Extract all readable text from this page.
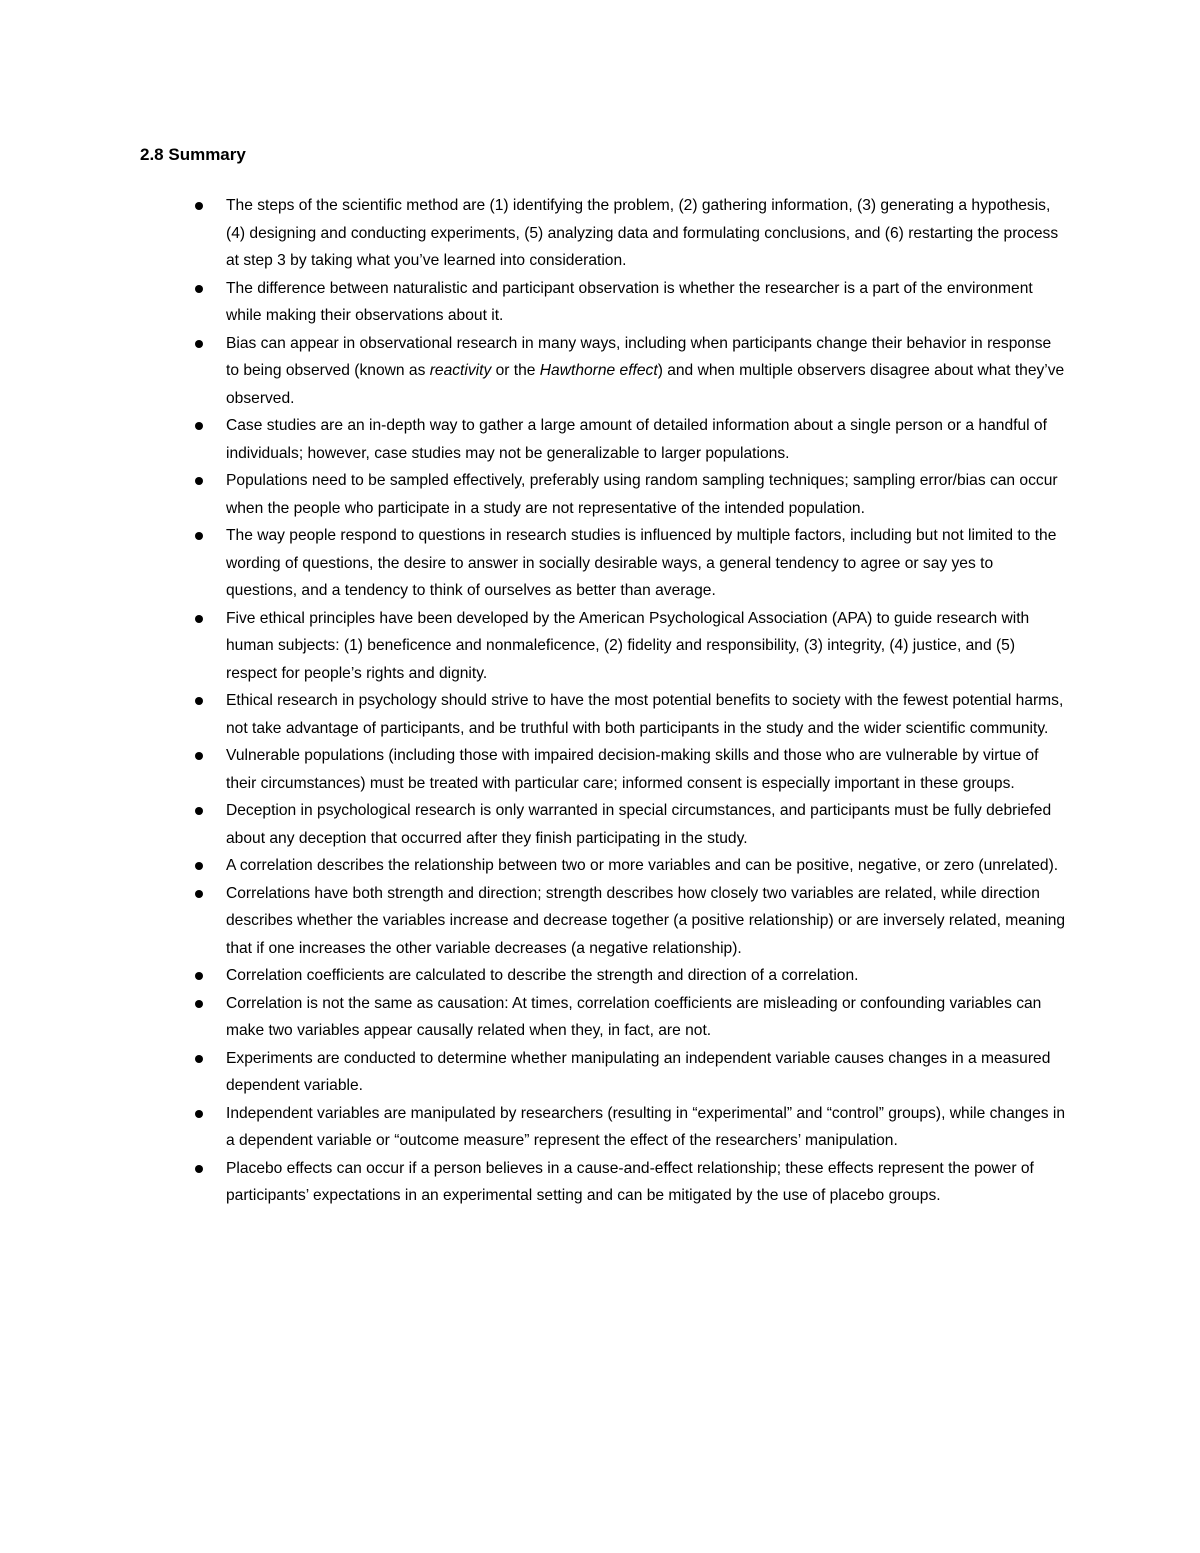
2.8 Summary
The steps of the scientific method are (1) identifying the problem, (2) gathering information, (3) generating a hypothesis, (4) designing and conducting experiments, (5) analyzing data and formulating conclusions, and (6) restarting the process at step 3 by taking what you’ve learned into consideration.
The difference between naturalistic and participant observation is whether the researcher is a part of the environment while making their observations about it.
Bias can appear in observational research in many ways, including when participants change their behavior in response to being observed (known as reactivity or the Hawthorne effect) and when multiple observers disagree about what they’ve observed.
Case studies are an in-depth way to gather a large amount of detailed information about a single person or a handful of individuals; however, case studies may not be generalizable to larger populations.
Populations need to be sampled effectively, preferably using random sampling techniques; sampling error/bias can occur when the people who participate in a study are not representative of the intended population.
The way people respond to questions in research studies is influenced by multiple factors, including but not limited to the wording of questions, the desire to answer in socially desirable ways, a general tendency to agree or say yes to questions, and a tendency to think of ourselves as better than average.
Five ethical principles have been developed by the American Psychological Association (APA) to guide research with human subjects: (1) beneficence and nonmaleficence, (2) fidelity and responsibility, (3) integrity, (4) justice, and (5) respect for people’s rights and dignity.
Ethical research in psychology should strive to have the most potential benefits to society with the fewest potential harms, not take advantage of participants, and be truthful with both participants in the study and the wider scientific community.
Vulnerable populations (including those with impaired decision-making skills and those who are vulnerable by virtue of their circumstances) must be treated with particular care; informed consent is especially important in these groups.
Deception in psychological research is only warranted in special circumstances, and participants must be fully debriefed about any deception that occurred after they finish participating in the study.
A correlation describes the relationship between two or more variables and can be positive, negative, or zero (unrelated).
Correlations have both strength and direction; strength describes how closely two variables are related, while direction describes whether the variables increase and decrease together (a positive relationship) or are inversely related, meaning that if one increases the other variable decreases (a negative relationship).
Correlation coefficients are calculated to describe the strength and direction of a correlation.
Correlation is not the same as causation: At times, correlation coefficients are misleading or confounding variables can make two variables appear causally related when they, in fact, are not.
Experiments are conducted to determine whether manipulating an independent variable causes changes in a measured dependent variable.
Independent variables are manipulated by researchers (resulting in “experimental” and “control” groups), while changes in a dependent variable or “outcome measure” represent the effect of the researchers’ manipulation.
Placebo effects can occur if a person believes in a cause-and-effect relationship; these effects represent the power of participants’ expectations in an experimental setting and can be mitigated by the use of placebo groups.
